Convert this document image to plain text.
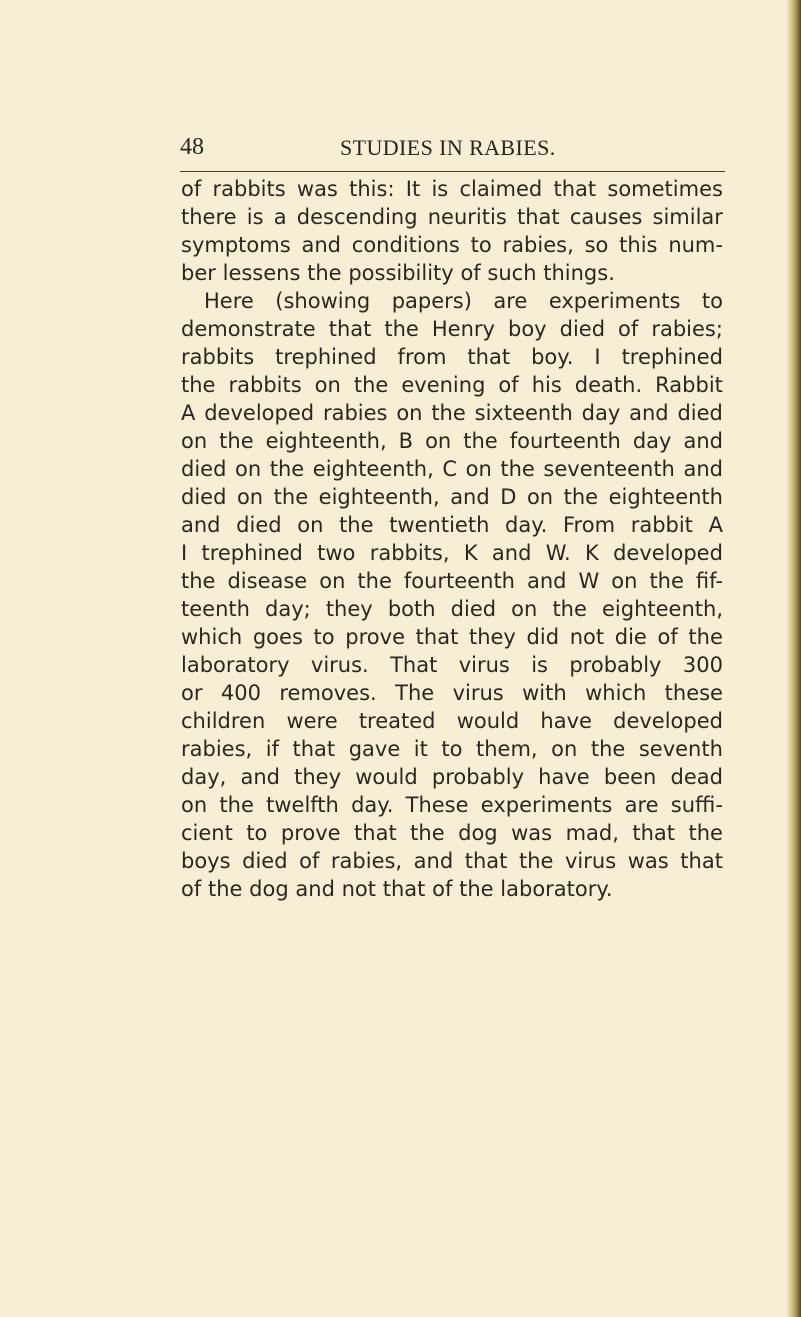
48	STUDIES IN RABIES.
of rabbits was this: It is claimed that sometimes
there is a descending neuritis that causes similar
symptoms and conditions to rabies, so this num-
ber lessens the possibility of such things.
Here (showing papers) are experiments to
demonstrate that the Henry boy died of rabies;
rabbits trephined from that boy. I trephined
the rabbits on the evening of his death. Rabbit
A developed rabies on the sixteenth day and died
on the eighteenth, B on the fourteenth day and
died on the eighteenth, C on the seventeenth and
died on the eighteenth, and D on the eighteenth
and died on the twentieth day. From rabbit A
I trephined two rabbits, K and W. K developed
the disease on the fourteenth and W on the fif-
teenth day; they both died on the eighteenth,
which goes to prove that they did not die of the
laboratory virus. That virus is probably 300
or 400 removes. The virus with which these
children were treated would have developed
rabies, if that gave it to them, on the seventh
day, and they would probably have been dead
on the twelfth day. These experiments are suffi-
cient to prove that the dog was mad, that the
boys died of rabies, and that the virus was that
of the dog and not that of the laboratory.
